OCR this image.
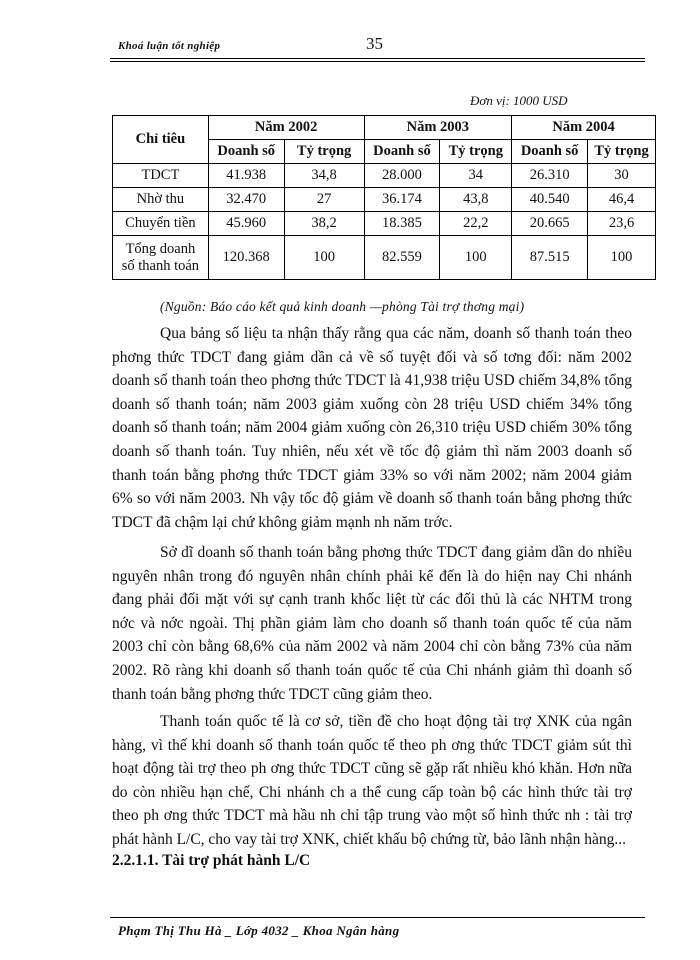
Khoá luận tốt nghiệp	35
Đơn vị: 1000 USD
Chỉ tiêu	Năm 2002		Năm 2003		Năm 2004	
	Doanh số	Tỷ trọng	Doanh số	Tỷ trọng	Doanh số	Tỷ trọng
TDCT	41.938	34,8	28.000	34	26.310	30
Nhờ thu	32.470	27	36.174	43,8	40.540	46,4
Chuyển tiền	45.960	38,2	18.385	22,2	20.665	23,6

Tổng doanh
số thanh toán	120.368	100	82.559	100	87.515	100
(Nguồn: Báo cáo kết quả kinh doanh —phòng Tài trợ thơng mại)

Qua bảng số liệu ta nhận thấy rằng qua các năm, doanh số thanh toán theo phơng thức TDCT đang giảm dần cả về số tuyệt đối và số tơng đối: năm 2002 doanh số thanh toán theo phơng thức TDCT là 41,938 triệu USD chiếm 34,8% tổng doanh số thanh toán; năm 2003 giảm xuống còn 28 triệu USD chiếm 34% tổng doanh số thanh toán; năm 2004 giảm xuống còn 26,310 triệu USD chiếm 30% tổng doanh số thanh toán. Tuy nhiên, nếu xét về tốc độ giảm thì năm 2003 doanh số thanh toán bằng phơng thức TDCT giảm 33% so với năm 2002; năm 2004 giảm 6% so với năm 2003. Nh vậy tốc độ giảm về doanh số thanh toán bằng phơng thức TDCT đã chậm lại chứ không giảm mạnh nh năm trớc.

Sở dĩ doanh số thanh toán bằng phơng thức TDCT đang giảm dần do nhiều nguyên nhân trong đó nguyên nhân chính phải kể đến là do hiện nay Chi nhánh đang phải đối mặt với sự cạnh tranh khốc liệt từ các đối thủ là các NHTM trong nớc và nớc ngoài. Thị phần giảm làm cho doanh số thanh toán quốc tế của năm 2003 chỉ còn bằng 68,6% của năm 2002 và năm 2004 chỉ còn bằng 73% của năm 2002. Rõ ràng khi doanh số thanh toán quốc tế của Chi nhánh giảm thì doanh số thanh toán bằng phơng thức TDCT cũng giảm theo.

Thanh toán quốc tế là cơ sở, tiền đề cho hoạt động tài trợ XNK của ngân hàng, vì thế khi doanh số thanh toán quốc tế theo ph ơng thức TDCT giảm sút thì hoạt động tài trợ theo ph ơng thức TDCT cũng sẽ gặp rất nhiều khó khăn. Hơn nữa do còn nhiều hạn chế, Chi nhánh ch a thể cung cấp toàn bộ các hình thức tài trợ theo ph ơng thức TDCT mà hầu nh chỉ tập trung vào một số hình thức nh : tài trợ phát hành L/C, cho vay tài trợ XNK, chiết khấu bộ chứng từ, bảo lãnh nhận hàng...

2.2.1.1. Tài trợ phát hành L/C
Phạm Thị Thu Hà _ Lớp 4032 _ Khoa Ngân hàng
